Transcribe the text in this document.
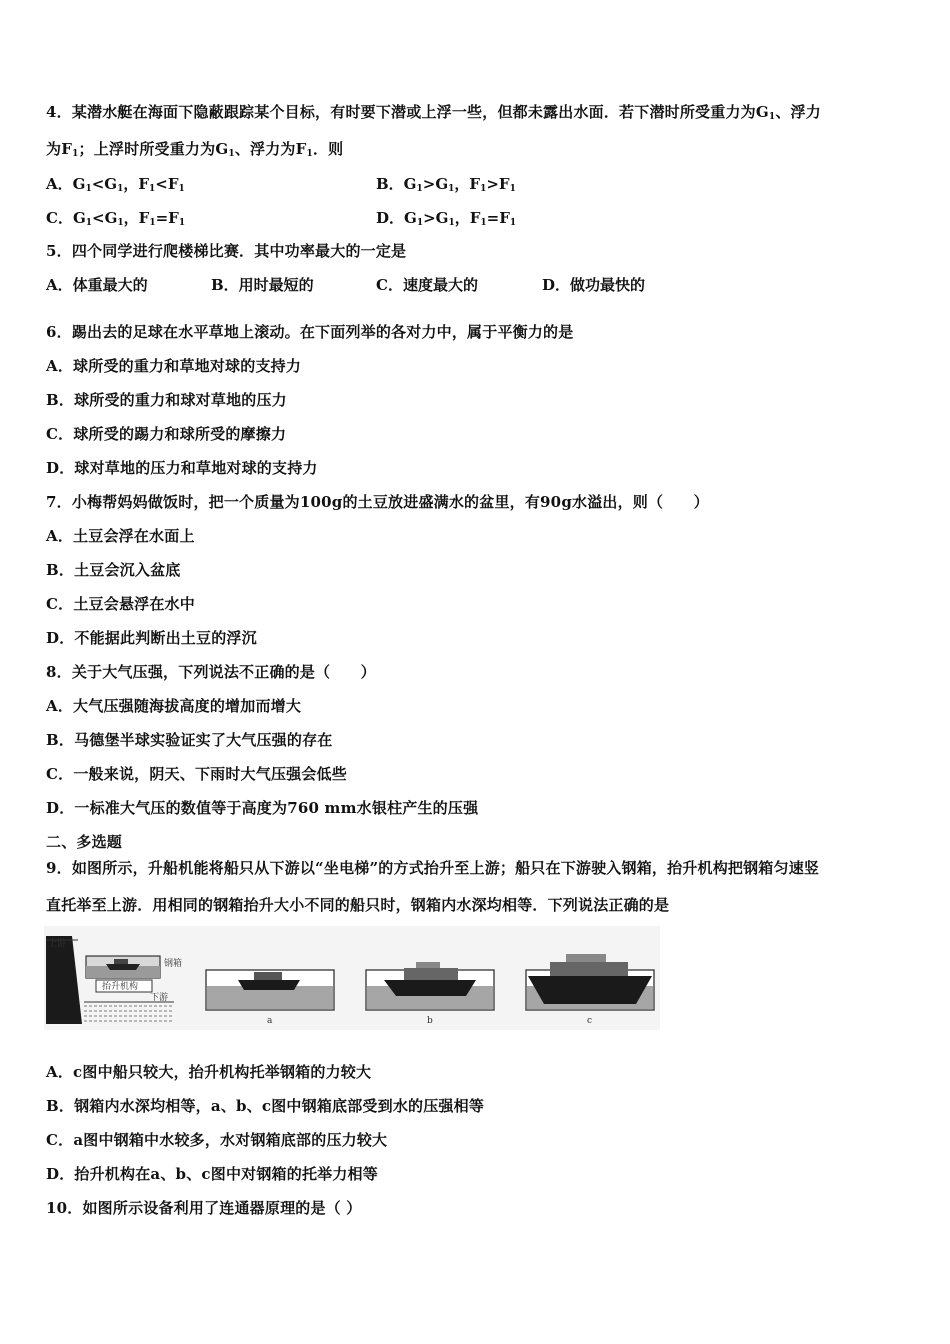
4．某潜水艇在海面下隐蔽跟踪某个目标，有时要下潜或上浮一些，但都未露出水面．若下潜时所受重力为$G_1$、浮力
为$F_1$；上浮时所受重力为$G_1$、浮力为$F_1$．则
A．$G_1<G_1$，$F_1<F_1$	B．$G_1>G_1$，$F_1>F_1$
C．$G_1<G_1$，$F_1=F_1$	D．$G_1>G_1$，$F_1=F_1$
5．四个同学进行爬楼梯比赛．其中功率最大的一定是
A．体重最大的	B．用时最短的	C．速度最大的	D．做功最快的
6．踢出去的足球在水平草地上滚动。在下面列举的各对力中，属于平衡力的是
A．球所受的重力和草地对球的支持力
B．球所受的重力和球对草地的压力
C．球所受的踢力和球所受的摩擦力
D．球对草地的压力和草地对球的支持力
7．小梅帮妈妈做饭时，把一个质量为100g的土豆放进盛满水的盆里，有90g水溢出，则（　　）
A．土豆会浮在水面上
B．土豆会沉入盆底
C．土豆会悬浮在水中
D．不能据此判断出土豆的浮沉
8．关于大气压强，下列说法不正确的是（　　）
A．大气压强随海拔高度的增加而增大
B．马德堡半球实验证实了大气压强的存在
C．一般来说，阴天、下雨时大气压强会低些
D．一标准大气压的数值等于高度为760 mm水银柱产生的压强
二、多选题
9．如图所示，升船机能将船只从下游以“坐电梯”的方式抬升至上游；船只在下游驶入钢箱，抬升机构把钢箱匀速竖
直托举至上游．用相同的钢箱抬升大小不同的船只时，钢箱内水深均相等．下列说法正确的是
上游
钢箱
抬升机构
下游
a	b	c
A．c图中船只较大，抬升机构托举钢箱的力较大
B．钢箱内水深均相等，a、b、c图中钢箱底部受到水的压强相等
C．a图中钢箱中水较多，水对钢箱底部的压力较大
D．抬升机构在a、b、c图中对钢箱的托举力相等
10．如图所示设备利用了连通器原理的是（ ）
